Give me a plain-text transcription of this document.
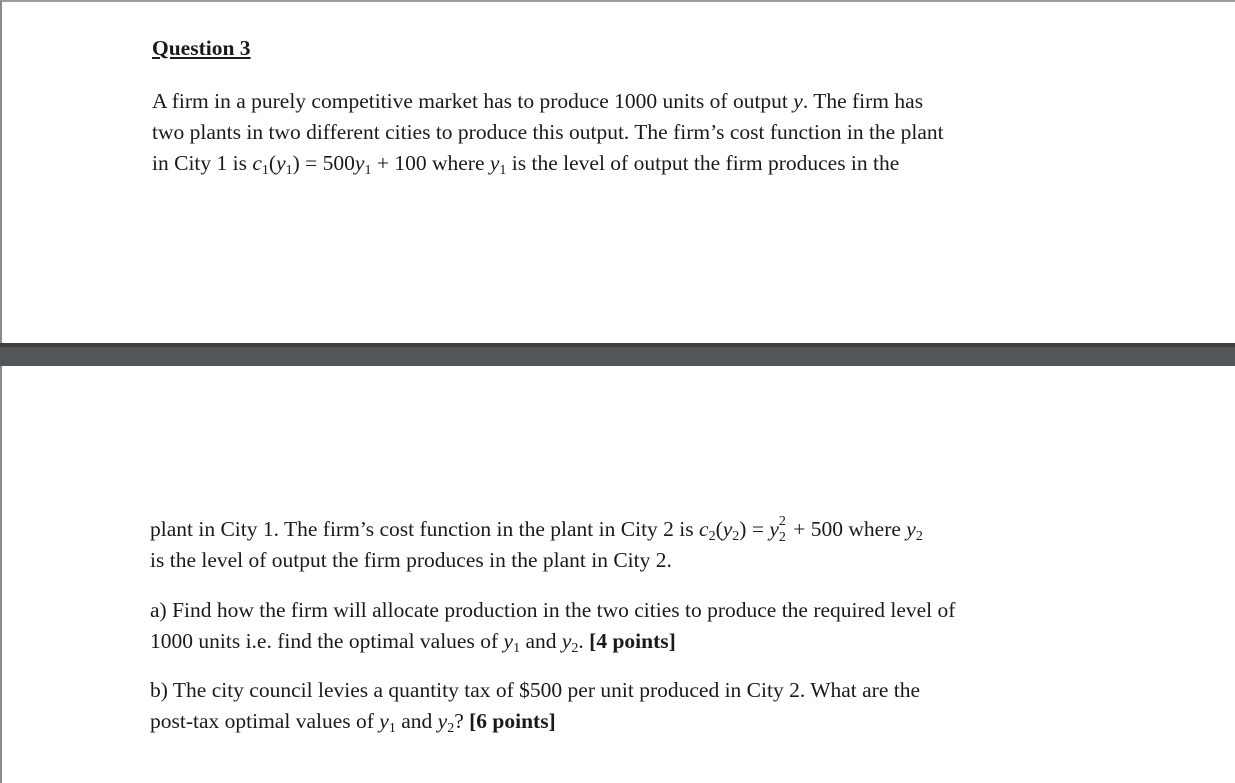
Question 3

A firm in a purely competitive market has to produce 1000 units of output y. The firm has
two plants in two different cities to produce this output. The firm’s cost function in the plant
in City 1 is $c_1(y_1) = 500y_1 + 100$ where $y_1$ is the level of output the firm produces in the

plant in City 1. The firm’s cost function in the plant in City 2 is $c_2(y_2) = y$ 2
2 + 500 where $y_2$
is the level of output the firm produces in the plant in City 2.

a) Find how the firm will allocate production in the two cities to produce the required level of
1000 units i.e. find the optimal values of $y_1$ and $y_2$. [4 points]

b) The city council levies a quantity tax of $500 per unit produced in City 2. What are the
post-tax optimal values of $y_1$ and $y_2$? [6 points]
